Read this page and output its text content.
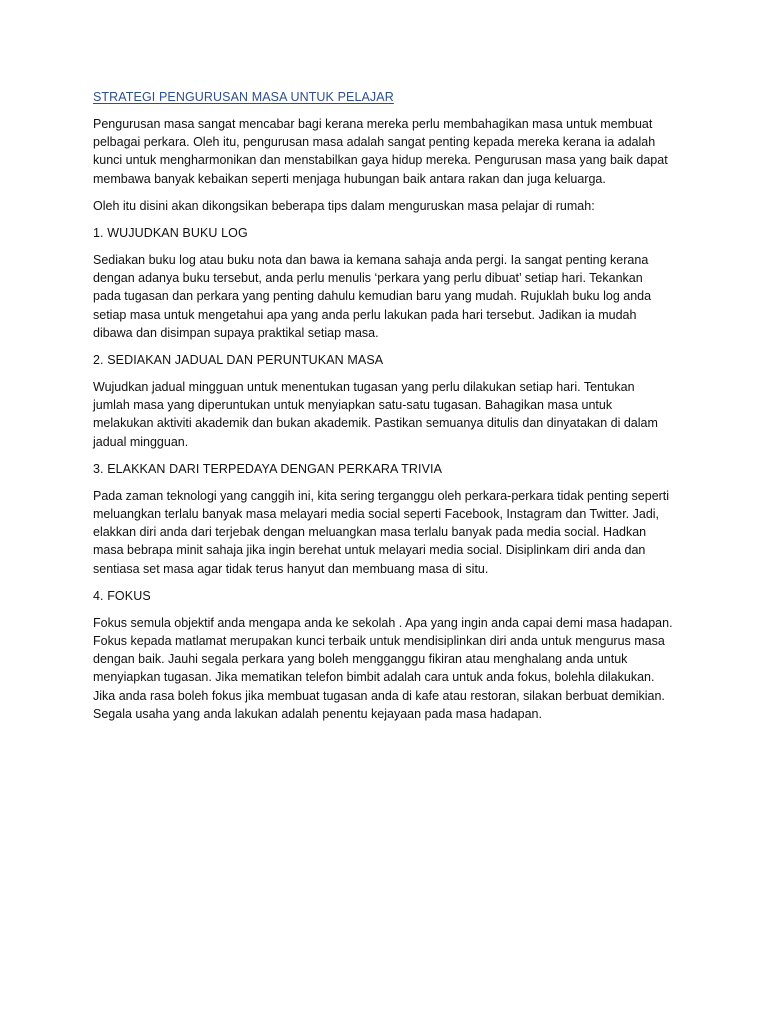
STRATEGI PENGURUSAN MASA UNTUK PELAJAR

Pengurusan masa sangat mencabar bagi kerana mereka perlu membahagikan masa untuk membuat pelbagai perkara. Oleh itu, pengurusan masa adalah sangat penting kepada mereka kerana ia adalah kunci untuk mengharmonikan dan menstabilkan gaya hidup mereka. Pengurusan masa yang baik dapat membawa banyak kebaikan seperti menjaga hubungan baik antara rakan dan juga keluarga.

Oleh itu disini akan dikongsikan beberapa tips dalam menguruskan masa pelajar di rumah:

1. WUJUDKAN BUKU LOG

Sediakan buku log atau buku nota dan bawa ia kemana sahaja anda pergi. Ia sangat penting kerana dengan adanya buku tersebut, anda perlu menulis ‘perkara yang perlu dibuat’ setiap hari. Tekankan pada tugasan dan perkara yang penting dahulu kemudian baru yang mudah. Rujuklah buku log anda setiap masa untuk mengetahui apa yang anda perlu lakukan pada hari tersebut. Jadikan ia mudah dibawa dan disimpan supaya praktikal setiap masa.

2. SEDIAKAN JADUAL DAN PERUNTUKAN MASA

Wujudkan jadual mingguan untuk menentukan tugasan yang perlu dilakukan setiap hari. Tentukan jumlah masa yang diperuntukan untuk menyiapkan satu-satu tugasan. Bahagikan masa untuk melakukan aktiviti akademik dan bukan akademik. Pastikan semuanya ditulis dan dinyatakan di dalam jadual mingguan.

3. ELAKKAN DARI TERPEDAYA DENGAN PERKARA TRIVIA

Pada zaman teknologi yang canggih ini, kita sering terganggu oleh perkara-perkara tidak penting seperti meluangkan terlalu banyak masa melayari media social seperti Facebook, Instagram dan Twitter. Jadi, elakkan diri anda dari terjebak dengan meluangkan masa terlalu banyak pada media social. Hadkan masa bebrapa minit sahaja jika ingin berehat untuk melayari media social. Disiplinkam diri anda dan sentiasa set masa agar tidak terus hanyut dan membuang masa di situ.

4. FOKUS

Fokus semula objektif anda mengapa anda ke sekolah . Apa yang ingin anda capai demi masa hadapan. Fokus kepada matlamat merupakan kunci terbaik untuk mendisiplinkan diri anda untuk mengurus masa dengan baik. Jauhi segala perkara yang boleh mengganggu fikiran atau menghalang anda untuk menyiapkan tugasan. Jika mematikan telefon bimbit adalah cara untuk anda fokus, bolehla dilakukan. Jika anda rasa boleh fokus jika membuat tugasan anda di kafe atau restoran, silakan berbuat demikian. Segala usaha yang anda lakukan adalah penentu kejayaan pada masa hadapan.
